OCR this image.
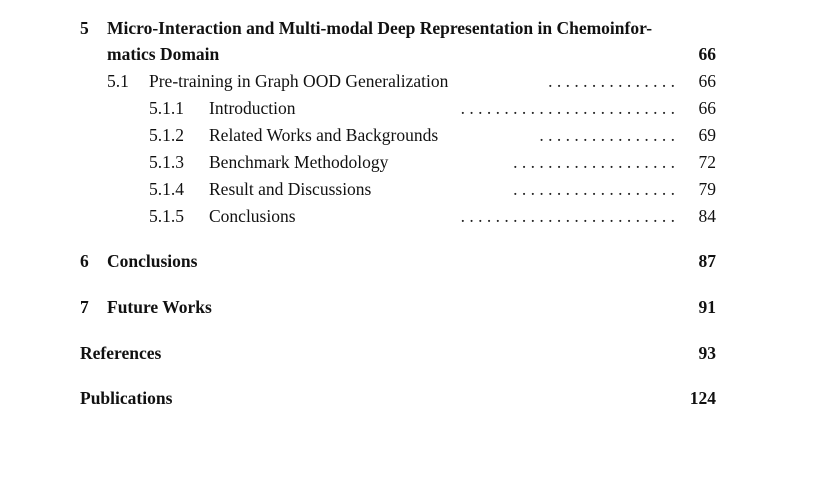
5 Micro-Interaction and Multi-modal Deep Representation in Chemoinfor-
matics Domain	66
5.1 Pre-training in Graph OOD Generalization	. . . . . . . . . . . . . . . 66
5.1.1 Introduction	. . . . . . . . . . . . . . . . . . . . . . . . . 66
5.1.2 Related Works and Backgrounds	. . . . . . . . . . . . . . . . 69
5.1.3 Benchmark Methodology	. . . . . . . . . . . . . . . . . . . 72
5.1.4 Result and Discussions	. . . . . . . . . . . . . . . . . . . 79
5.1.5 Conclusions	. . . . . . . . . . . . . . . . . . . . . . . . . 84
6 Conclusions	87
7 Future Works	91
References	93
Publications	124
